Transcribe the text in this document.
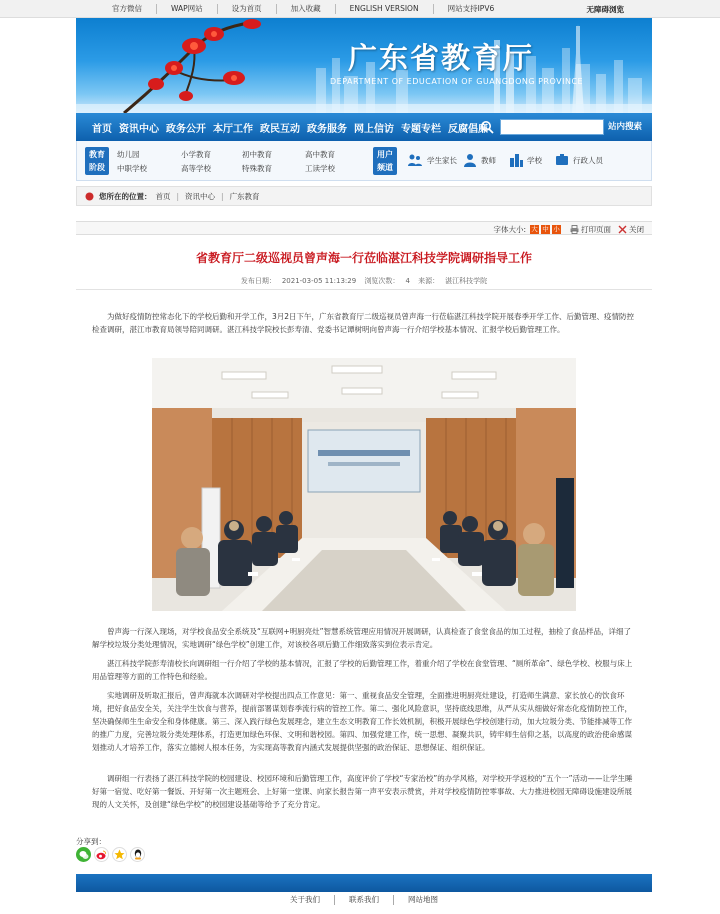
官方微信	WAP网站	设为首页	加入收藏	ENGLISH VERSION	网站支持IPV6	无障碍浏览
广东省教育厅
DEPARTMENT OF EDUCATION OF GUANGDONG PROVINCE
首页 资讯中心 政务公开 本厅工作 政民互动 政务服务 网上信访 专题专栏 反腐倡廉	站内搜索
教育
阶段
幼儿园
中职学校
小学教育
高等学校
初中教育
特殊教育
高中教育
工读学校
用户
频道
学生家长	教师	学校	行政人员
您所在的位置： 首页 | 资讯中心 | 广东教育
字体大小: 大 中 小	打印页面 关闭
省教育厅二级巡视员曾声海一行莅临湛江科技学院调研指导工作
发布日期： 2021-03-05 11:13:29 浏览次数： 4 来源： 湛江科技学院

为做好疫情防控常态化下的学校后勤和开学工作，3月2日下午，广东省教育厅二级巡视员曾声海一行莅临湛江科技学院开展春季开学工作、后勤管理、疫情防控检查调研，湛江市教育局领导陪同调研。湛江科技学院校长彭寿清、党委书记谭树明向曾声海一行介绍学校基本情况、汇报学校后勤管理工作。

曾声海一行深入现场，对学校食品安全系统及“互联网+明厨亮灶”智慧系统管理应用情况开展调研，认真检查了食堂食品的加工过程，抽检了食品样品，详细了解学校垃圾分类处理情况，实地调研“绿色学校”创建工作，对该校各项后勤工作细致落实到位表示肯定。

湛江科技学院彭寿清校长向调研组一行介绍了学校的基本情况，汇报了学校的后勤管理工作，着重介绍了学校在食堂管理、“厕所革命”、绿色学校、校服与床上用品管理等方面的工作特色和经验。

实地调研及听取汇报后，曾声海就本次调研对学校提出四点工作意见：第一、重视食品安全管理，全面推进明厨亮灶建设，打造师生满意、家长放心的饮食环境，把好食品安全关，关注学生饮食与营养，提前部署谋划春季流行病的管控工作。第二、强化风险意识，坚持底线思维，从严从实从细做好常态化疫情防控工作，坚决确保师生生命安全和身体健康。第三、深入践行绿色发展理念，建立生态文明教育工作长效机制，积极开展绿色学校创建行动，加大垃圾分类、节能排减等工作的推广力度，完善垃圾分类处理体系，打造更加绿色环保、文明和谐校园。第四、加强党建工作，统一思想、凝聚共识，铸牢师生信仰之基，以高度的政治使命感谋划推动人才培养工作，落实立德树人根本任务，为实现高等教育内涵式发展提供坚强的政治保证、思想保证、组织保证。

调研组一行表扬了湛江科技学院的校园建设、校园环境和后勤管理工作，高度评价了学校“专家治校”的办学风格，对学校开学返校的“五个一”活动——让学生睡好第一宿觉、吃好第一餐饭、开好第一次主题班会、上好第一堂课、向家长报告第一声平安表示赞赏，并对学校疫情防控零事故、大力推进校园无障碍设施建设所展现的人文关怀，及创建“绿色学校”的校园建设基础等给予了充分肯定。

分享到：
关于我们	联系我们	网站地图
